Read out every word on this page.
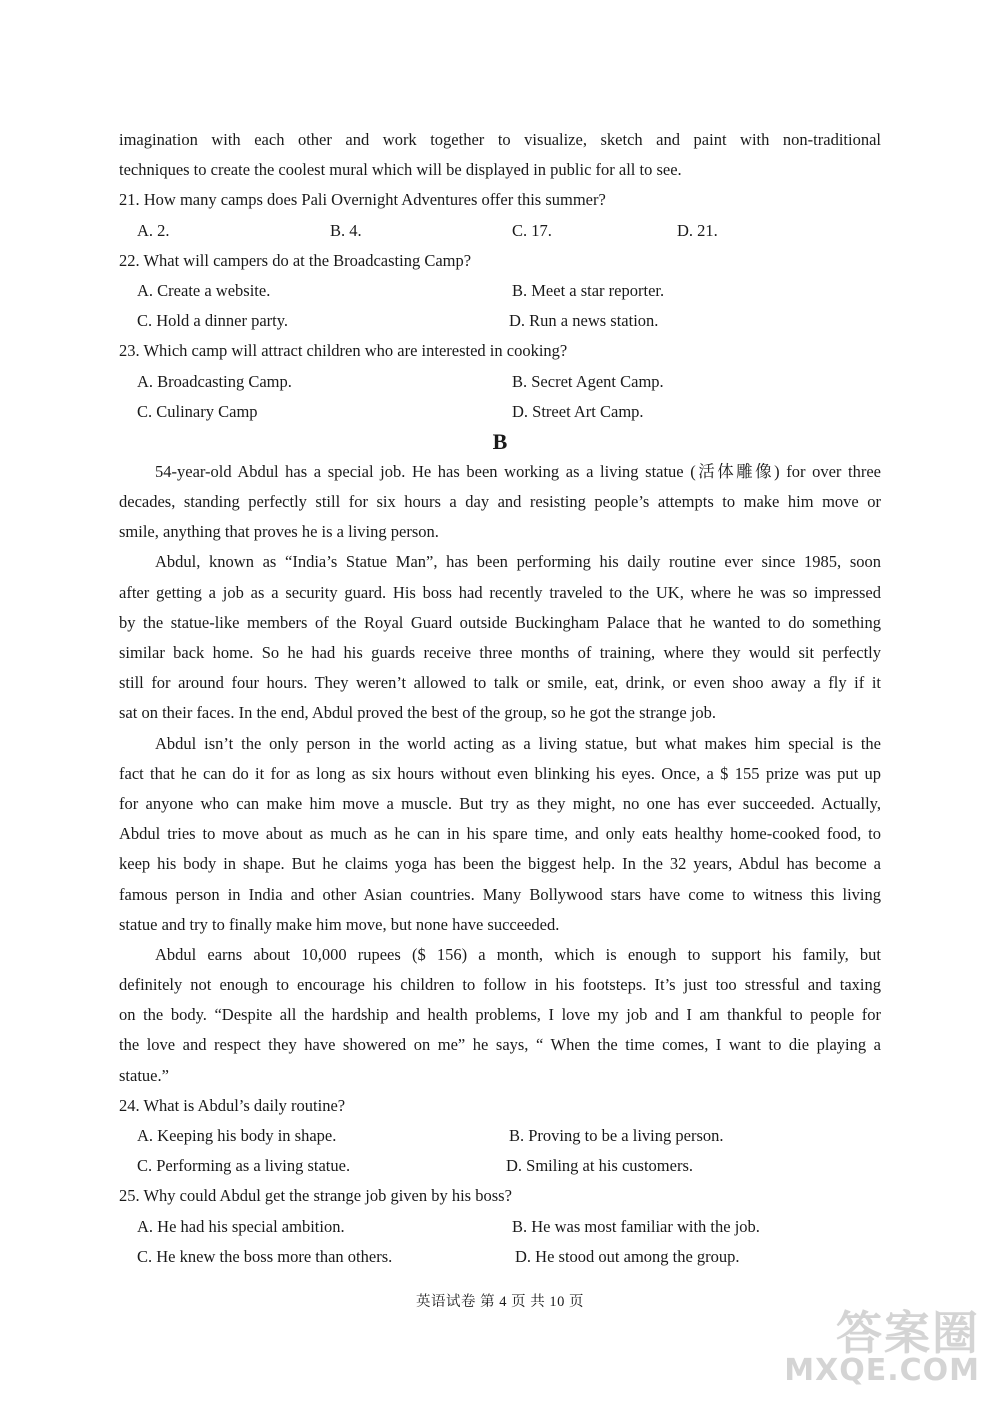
imagination with each other and work together to visualize, sketch and paint with non-traditional
techniques to create the coolest mural which will be displayed in public for all to see.
21. How many camps does Pali Overnight Adventures offer this summer?
A. 2.	B. 4.	C. 17.	D. 21.
22. What will campers do at the Broadcasting Camp?
A. Create a website.	B. Meet a star reporter.
C. Hold a dinner party.	D. Run a news station.
23. Which camp will attract children who are interested in cooking?
A. Broadcasting Camp.	B. Secret Agent Camp.
C. Culinary Camp	D. Street Art Camp.
B
54-year-old Abdul has a special job. He has been working as a living statue (活体雕像) for over three
decades, standing perfectly still for six hours a day and resisting people’s attempts to make him move or
smile, anything that proves he is a living person.
Abdul, known as “India’s Statue Man”, has been performing his daily routine ever since 1985, soon
after getting a job as a security guard. His boss had recently traveled to the UK, where he was so impressed
by the statue-like members of the Royal Guard outside Buckingham Palace that he wanted to do something
similar back home. So he had his guards receive three months of training, where they would sit perfectly
still for around four hours. They weren’t allowed to talk or smile, eat, drink, or even shoo away a fly if it
sat on their faces. In the end, Abdul proved the best of the group, so he got the strange job.
Abdul isn’t the only person in the world acting as a living statue, but what makes him special is the
fact that he can do it for as long as six hours without even blinking his eyes. Once, a $ 155 prize was put up
for anyone who can make him move a muscle. But try as they might, no one has ever succeeded. Actually,
Abdul tries to move about as much as he can in his spare time, and only eats healthy home-cooked food, to
keep his body in shape. But he claims yoga has been the biggest help. In the 32 years, Abdul has become a
famous person in India and other Asian countries. Many Bollywood stars have come to witness this living
statue and try to finally make him move, but none have succeeded.
Abdul earns about 10,000 rupees ($ 156) a month, which is enough to support his family, but
definitely not enough to encourage his children to follow in his footsteps. It’s just too stressful and taxing
on the body. “Despite all the hardship and health problems, I love my job and I am thankful to people for
the love and respect they have showered on me” he says, “ When the time comes, I want to die playing a
statue.”
24. What is Abdul’s daily routine?
A. Keeping his body in shape.	B. Proving to be a living person.
C. Performing as a living statue.	D. Smiling at his customers.
25. Why could Abdul get the strange job given by his boss?
A. He had his special ambition.	B. He was most familiar with the job.
C. He knew the boss more than others.	D. He stood out among the group.
英语试卷 第 4 页 共 10 页
答案圈
MXQE.COM
